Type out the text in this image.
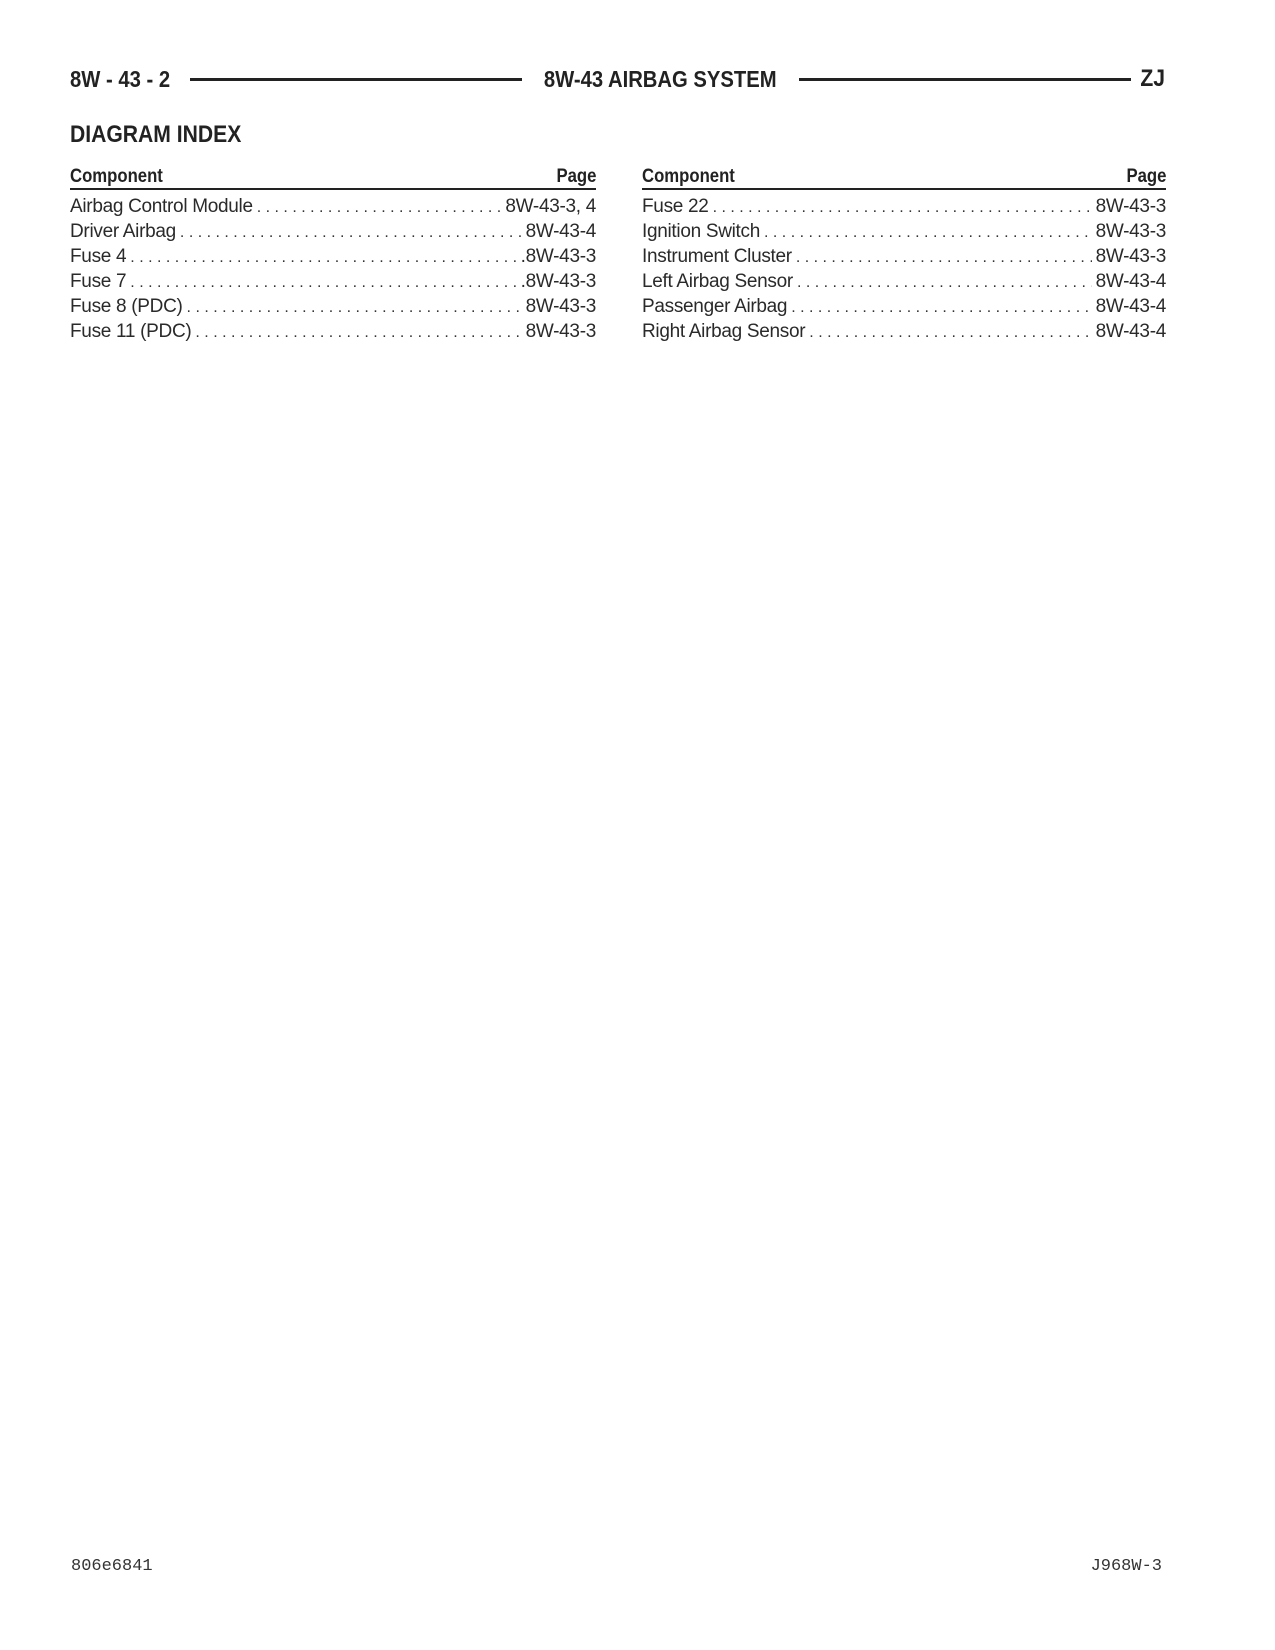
8W - 43 - 2	8W-43 AIRBAG SYSTEM	ZJ
DIAGRAM INDEX
Component	Page
Airbag Control Module . . .	8W-43-3, 4
Driver Airbag . . .	8W-43-4
Fuse 4 . . .	.8W-43-3
Fuse 7 . . .	.8W-43-3
Fuse 8 (PDC) . . .	8W-43-3
Fuse 11 (PDC) . . .	8W-43-3
Component	Page
Fuse 22 . . .	8W-43-3
Ignition Switch . . .	8W-43-3
Instrument Cluster . . .	8W-43-3
Left Airbag Sensor . . .	8W-43-4
Passenger Airbag . . .	8W-43-4
Right Airbag Sensor . . .	8W-43-4
806e6841	J968W-3
